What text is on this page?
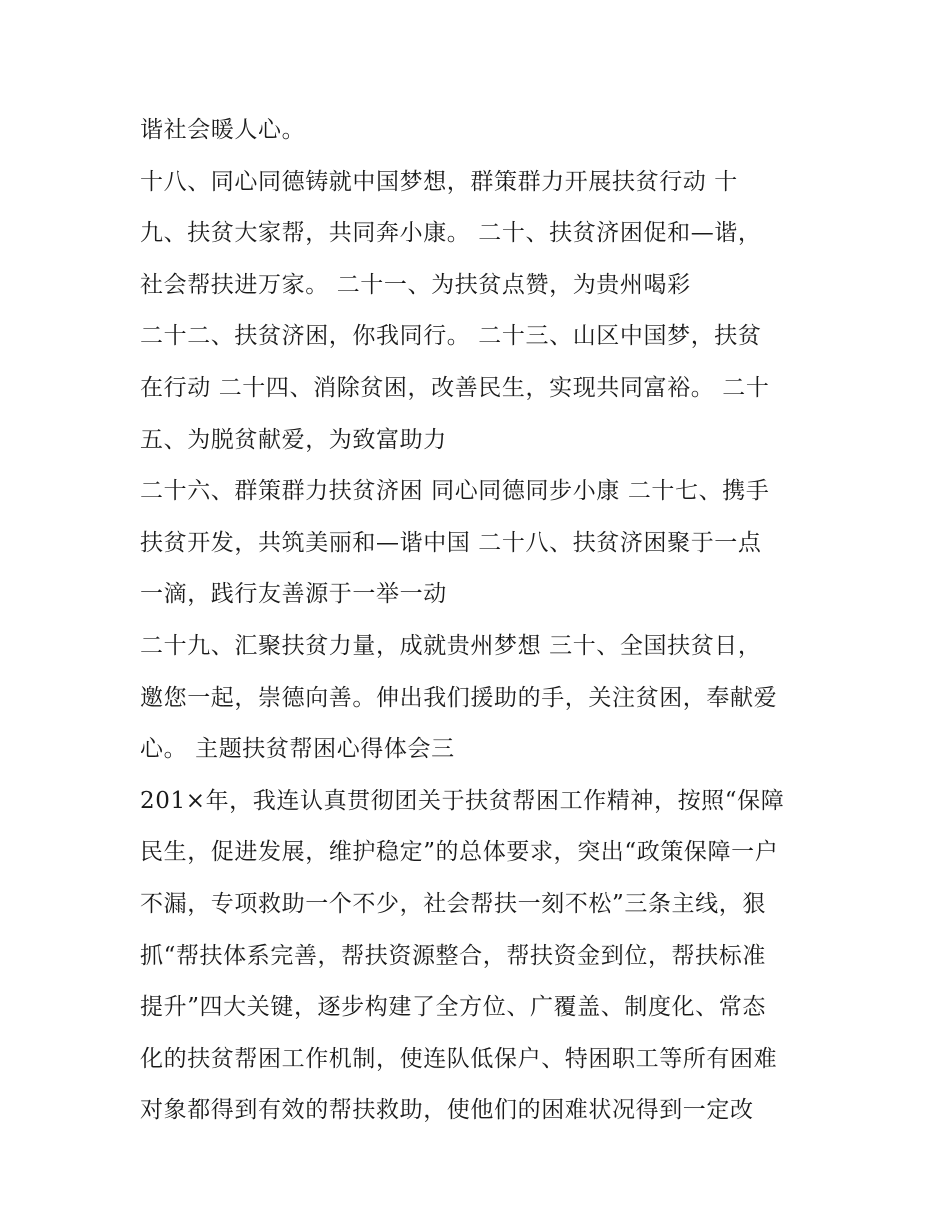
谐社会暖人心。
十八、同心同德铸就中国梦想，群策群力开展扶贫行动 十
九、扶贫大家帮，共同奔小康。 二十、扶贫济困促和—谐，
社会帮扶进万家。 二十一、为扶贫点赞，为贵州喝彩
二十二、扶贫济困，你我同行。 二十三、山区中国梦，扶贫
在行动 二十四、消除贫困，改善民生，实现共同富裕。 二十
五、为脱贫献爱，为致富助力
二十六、群策群力扶贫济困 同心同德同步小康 二十七、携手
扶贫开发，共筑美丽和—谐中国 二十八、扶贫济困聚于一点
一滴，践行友善源于一举一动
二十九、汇聚扶贫力量，成就贵州梦想 三十、全国扶贫日，
邀您一起，崇德向善。伸出我们援助的手，关注贫困，奉献爱
心。 主题扶贫帮困心得体会三
201×年，我连认真贯彻团关于扶贫帮困工作精神，按照“保障
民生，促进发展，维护稳定”的总体要求，突出“政策保障一户
不漏，专项救助一个不少，社会帮扶一刻不松”三条主线，狠
抓“帮扶体系完善，帮扶资源整合，帮扶资金到位，帮扶标准
提升”四大关键，逐步构建了全方位、广覆盖、制度化、常态
化的扶贫帮困工作机制，使连队低保户、特困职工等所有困难
对象都得到有效的帮扶救助，使他们的困难状况得到一定改
